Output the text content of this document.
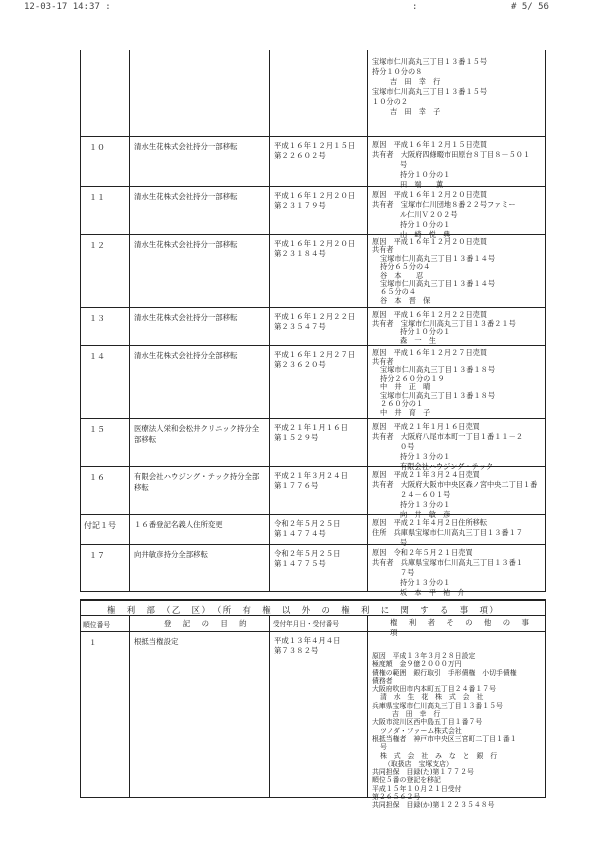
12-03-17 14:37 :	:	# 5/ 56
宝塚市仁川高丸三丁目１３番１５号
持分１０分の８
吉　田　幸　行
宝塚市仁川高丸三丁目１３番１５号
１０分の２
吉　田　幸　子
１０	清水生花株式会社持分一部移転	平成１６年１２月１５日
第２２６０２号
原因　平成１６年１２月１５日売買
共有者　大阪府四條畷市田原台８丁目８－５０１
号
持分１０分の１
田　端　　薫
１１	清水生花株式会社持分一部移転	平成１６年１２月２０日
第２３１７９号
原因　平成１６年１２月２０日売買
共有者　宝塚市仁川団地８番２２号ファミー
ル仁川Ｖ２０２号
持分１０分の１
山　崎　悦　典
１２	清水生花株式会社持分一部移転	平成１６年１２月２０日
第２３１８４号
原因　平成１６年１２月２０日売買
共有者
宝塚市仁川高丸三丁目１３番１４号
持分６５分の４
谷　本　　忍
宝塚市仁川高丸三丁目１３番１４号
６５分の４
谷　本　晋　保
１３	清水生花株式会社持分一部移転	平成１６年１２月２２日
第２３５４７号
原因　平成１６年１２月２２日売買
共有者　宝塚市仁川高丸三丁目１３番２１号
持分１０分の１
森　一　生
１４	清水生花株式会社持分全部移転	平成１６年１２月２７日
第２３６２０号
原因　平成１６年１２月２７日売買
共有者
宝塚市仁川高丸三丁目１３番１８号
持分２６０分の１９
中　井　正　晴
宝塚市仁川高丸三丁目１３番１８号
２６０分の１
中　井　育　子
１５	医療法人栄和会松井クリニック持分全部移転
平成２１年１月１６日
第１５２９号
原因　平成２１年１月１６日売買
共有者　大阪府八尾市本町一丁目１番１１－２
０号
持分１３分の１
有限会社ハウジング・テック
１６	有限会社ハウジング・テック持分全部移転
平成２１年３月２４日
第１７７６号
原因　平成２１年３月２４日売買
共有者　大阪府大阪市中央区森ノ宮中央二丁目１番
２４－６０１号
持分１３分の１
向　井　敏　彦
付記１号	１６番登記名義人住所変更	令和２年５月２５日
第１４７７４号
原因　平成２１年４月２日住所移転
住所　兵庫県宝塚市仁川高丸三丁目１３番１７
号
１７	向井敏彦持分全部移転	令和２年５月２５日
第１４７７５号
原因　令和２年５月２１日売買
共有者　兵庫県宝塚市仁川高丸三丁目１３番１
７号
持分１３分の１
坂　本　平　祐　介
権　利　部　（乙　区）　（所　有　権　以　外　の　権　利　に　関　す　る　事　項）
順位番号	登　記　の　目　的	受付年月日・受付番号	権　利　者　そ　の　他　の　事　項
１	根抵当権設定	平成１３年４月４日
第７３８２号
原因　平成１３年３月２８日設定
極度額　金９億２０００万円
債権の範囲　銀行取引　手形債権　小切手債権
債務者
大阪府吹田市内本町五丁目２４番１７号
清　水　生　花　株　式　会　社
兵庫県宝塚市仁川高丸三丁目１３番１５号
吉　田　幸　行
大阪市淀川区西中島五丁目１番７号
ツノダ・ファーム株式会社
根抵当権者　神戸市中央区三宮町二丁目１番１
号
株　式　会　社　み　な　と　銀　行
（取扱店　宝塚支店）
共同担保　目録(た)第１７７２号
順位５番の登記を移記
平成１５年１０月２１日受付
第２６５６２号
共同担保　目録(か)第１２２３５４８号
